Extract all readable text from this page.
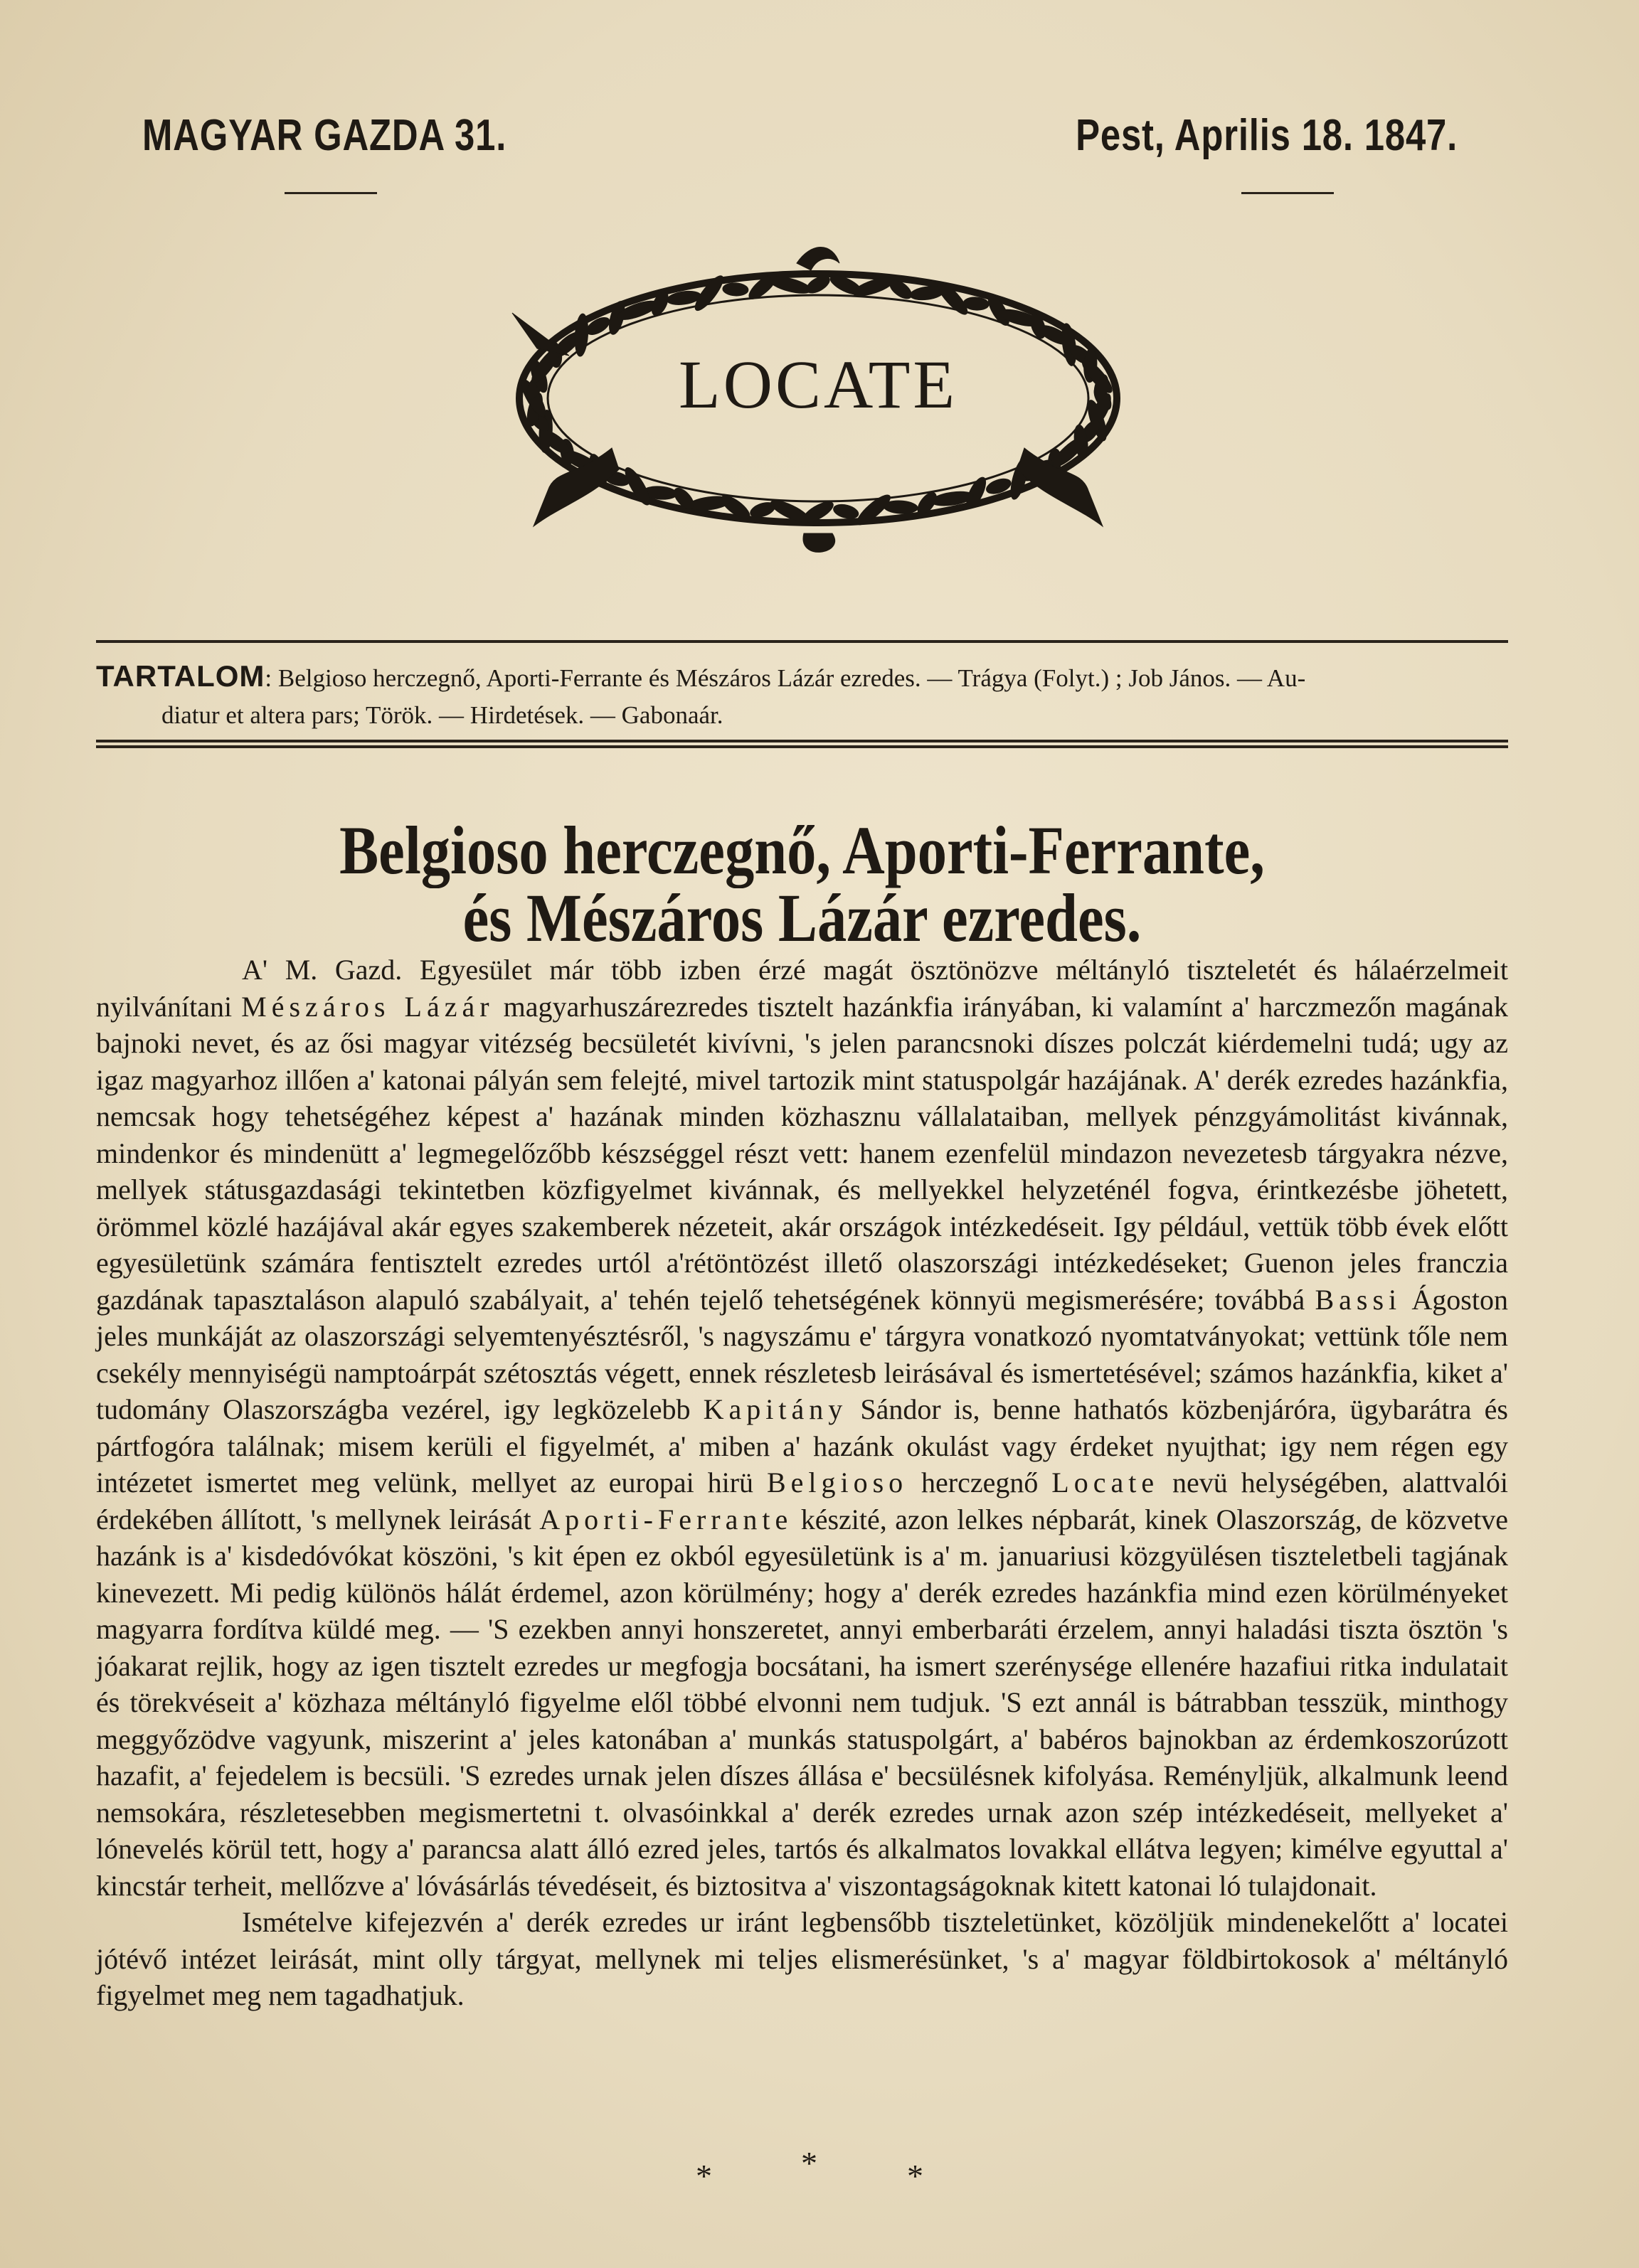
MAGYAR GAZDA 31.	Pest, Aprilis 18. 1847.
LOCATE
TARTALOM: Belgioso herczegnő, Aporti-Ferrante és Mészáros Lázár ezredes. — Trágya (Folyt.) ; Job János. — Au-
diatur et altera pars; Török. — Hirdetések. — Gabonaár.
Belgioso herczegnő, Aporti-Ferrante,
és Mészáros Lázár ezredes.

A' M. Gazd. Egyesület már több izben érzé magát ösztönözve méltányló tiszteletét és hálaérzelmeit nyilvánítani Mészáros Lázár magyarhuszárezredes tisztelt hazánkfia irányában, ki valamínt a' harczmezőn magának bajnoki nevet, és az ősi magyar vitézség becsületét kivívni, 's jelen parancsnoki díszes polczát kiérdemelni tudá; ugy az igaz magyarhoz illően a' katonai pályán sem felejté, mivel tartozik mint statuspolgár hazájának. A' derék ezredes hazánkfia, nemcsak hogy tehetségéhez képest a' hazának minden közhasznu vállalataiban, mellyek pénzgyámolitást kivánnak, mindenkor és mindenütt a' legmegelőzőbb készséggel részt vett: hanem ezenfelül mindazon nevezetesb tárgyakra nézve, mellyek státusgazdasági tekintetben közfigyelmet kivánnak, és mellyekkel helyzeténél fogva, érintkezésbe jöhetett, örömmel közlé hazájával akár egyes szakemberek nézeteit, akár országok intézkedéseit. Igy például, vettük több évek előtt egyesületünk számára fentisztelt ezredes urtól a'rétöntözést illető olaszországi intézkedéseket; Guenon jeles franczia gazdának tapasztaláson alapuló szabályait, a' tehén tejelő tehetségének könnyü megismerésére; továbbá Bassi Ágoston jeles munkáját az olaszországi selyemtenyésztésről, 's nagyszámu e' tárgyra vonatkozó nyomtatványokat; vettünk tőle nem csekély mennyiségü namptoárpát szétosztás végett, ennek részletesb leirásával és ismertetésével; számos hazánkfia, kiket a' tudomány Olaszországba vezérel, igy legközelebb Kapitány Sándor is, benne hathatós közbenjáróra, ügybarátra és pártfogóra találnak; misem kerüli el figyelmét, a' miben a' hazánk okulást vagy érdeket nyujthat; igy nem régen egy intézetet ismertet meg velünk, mellyet az europai hirü Belgioso herczegnő Locate nevü helységében, alattvalói érdekében állított, 's mellynek leirását Aporti-Ferrante készité, azon lelkes népbarát, kinek Olaszország, de közvetve hazánk is a' kisdedóvókat köszöni, 's kit épen ez okból egyesületünk is a' m. januariusi közgyülésen tiszteletbeli tagjának kinevezett. Mi pedig különös hálát érdemel, azon körülmény; hogy a' derék ezredes hazánkfia mind ezen körülményeket magyarra fordítva küldé meg. — 'S ezekben annyi honszeretet, annyi emberbaráti érzelem, annyi haladási tiszta ösztön 's jóakarat rejlik, hogy az igen tisztelt ezredes ur megfogja bocsátani, ha ismert szerénysége ellenére hazafiui ritka indulatait és törekvéseit a' közhaza méltányló figyelme elől többé elvonni nem tudjuk. 'S ezt annál is bátrabban tesszük, minthogy meggyőzödve vagyunk, miszerint a' jeles katonában a' munkás statuspolgárt, a' babéros bajnokban az érdemkoszorúzott hazafit, a' fejedelem is becsüli. 'S ezredes urnak jelen díszes állása e' becsülésnek kifolyása. Reményljük, alkalmunk leend nemsokára, részletesebben megismertetni t. olvasóinkkal a' derék ezredes urnak azon szép intézkedéseit, mellyeket a' lónevelés körül tett, hogy a' parancsa alatt álló ezred jeles, tartós és alkalmatos lovakkal ellátva legyen; kimélve egyuttal a' kincstár terheit, mellőzve a' lóvásárlás tévedéseit, és biztositva a' viszontagságoknak kitett katonai ló tulajdonait.

Ismételve kifejezvén a' derék ezredes ur iránt legbensőbb tiszteletünket, közöljük mindenekelőtt a' locatei jótévő intézet leirását, mint olly tárgyat, mellynek mi teljes elismerésünket, 's a' magyar földbirtokosok a' méltányló figyelmet meg nem tagadhatjuk.

*	*	*
